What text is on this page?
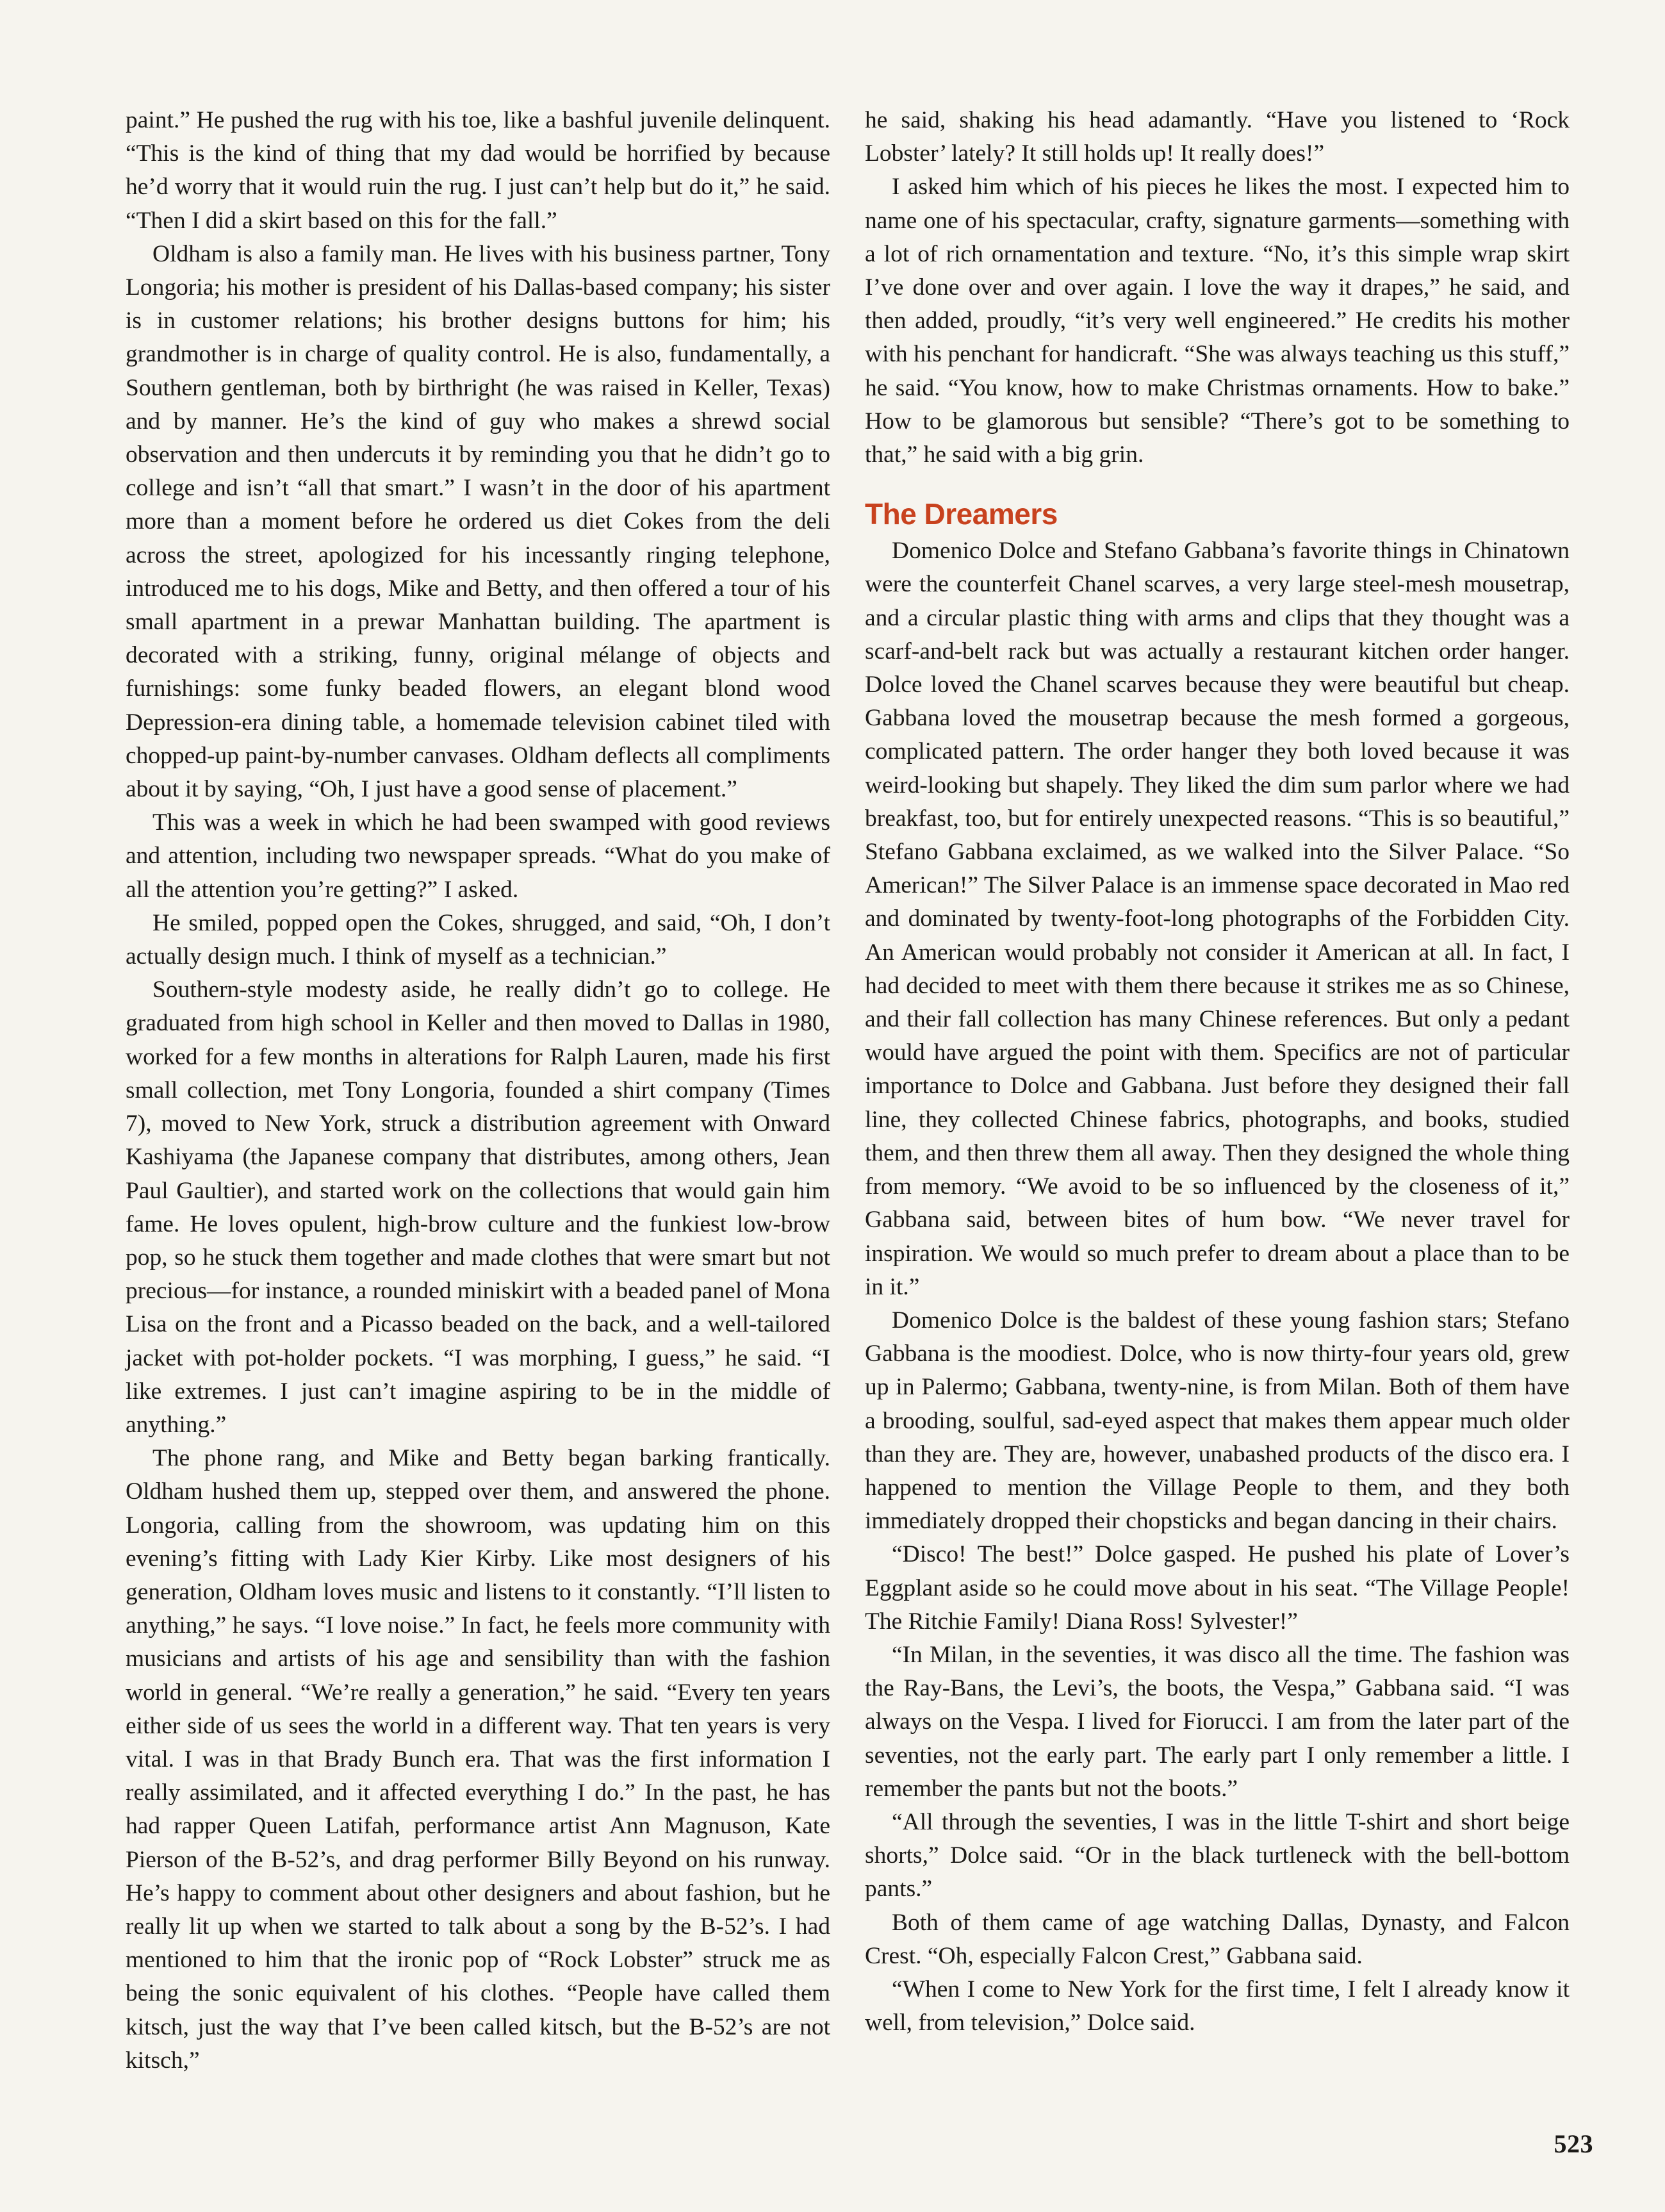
paint.” He pushed the rug with his toe, like a bashful juvenile delinquent. “This is the kind of thing that my dad would be horrified by because he’d worry that it would ruin the rug. I just can’t help but do it,” he said. “Then I did a skirt based on this for the fall.”

Oldham is also a family man. He lives with his business partner, Tony Longoria; his mother is president of his Dallas-based company; his sister is in customer relations; his brother designs buttons for him; his grandmother is in charge of quality control. He is also, fundamentally, a Southern gentleman, both by birthright (he was raised in Keller, Texas) and by manner. He’s the kind of guy who makes a shrewd social observation and then undercuts it by reminding you that he didn’t go to college and isn’t “all that smart.” I wasn’t in the door of his apartment more than a moment before he ordered us diet Cokes from the deli across the street, apologized for his incessantly ringing telephone, introduced me to his dogs, Mike and Betty, and then offered a tour of his small apartment in a prewar Manhattan building. The apartment is decorated with a striking, funny, original mélange of objects and furnishings: some funky beaded flowers, an elegant blond wood Depression-era dining table, a homemade television cabinet tiled with chopped-up paint-by-number canvases. Oldham deflects all compliments about it by saying, “Oh, I just have a good sense of placement.”

This was a week in which he had been swamped with good reviews and attention, including two newspaper spreads. “What do you make of all the attention you’re getting?” I asked.

He smiled, popped open the Cokes, shrugged, and said, “Oh, I don’t actually design much. I think of myself as a technician.”

Southern-style modesty aside, he really didn’t go to college. He graduated from high school in Keller and then moved to Dallas in 1980, worked for a few months in alterations for Ralph Lauren, made his first small collection, met Tony Longoria, founded a shirt company (Times 7), moved to New York, struck a distribution agreement with Onward Kashiyama (the Japanese company that distributes, among others, Jean Paul Gaultier), and started work on the collections that would gain him fame. He loves opulent, high-brow culture and the funkiest low-brow pop, so he stuck them together and made clothes that were smart but not precious—for instance, a rounded miniskirt with a beaded panel of Mona Lisa on the front and a Picasso beaded on the back, and a well-tailored jacket with pot-holder pockets. “I was morphing, I guess,” he said. “I like extremes. I just can’t imagine aspiring to be in the middle of anything.”

The phone rang, and Mike and Betty began barking frantically. Oldham hushed them up, stepped over them, and answered the phone. Longoria, calling from the showroom, was updating him on this evening’s fitting with Lady Kier Kirby. Like most designers of his generation, Oldham loves music and listens to it constantly. “I’ll listen to anything,” he says. “I love noise.” In fact, he feels more community with musicians and artists of his age and sensibility than with the fashion world in general. “We’re really a generation,” he said. “Every ten years either side of us sees the world in a different way. That ten years is very vital. I was in that Brady Bunch era. That was the first information I really assimilated, and it affected everything I do.” In the past, he has had rapper Queen Latifah, performance artist Ann Magnuson, Kate Pierson of the B-52’s, and drag performer Billy Beyond on his runway. He’s happy to comment about other designers and about fashion, but he really lit up when we started to talk about a song by the B-52’s. I had mentioned to him that the ironic pop of “Rock Lobster” struck me as being the sonic equivalent of his clothes. “People have called them kitsch, just the way that I’ve been called kitsch, but the B-52’s are not kitsch,”

he said, shaking his head adamantly. “Have you listened to ‘Rock Lobster’ lately? It still holds up! It really does!”

I asked him which of his pieces he likes the most. I expected him to name one of his spectacular, crafty, signature garments—something with a lot of rich ornamentation and texture. “No, it’s this simple wrap skirt I’ve done over and over again. I love the way it drapes,” he said, and then added, proudly, “it’s very well engineered.” He credits his mother with his penchant for handicraft. “She was always teaching us this stuff,” he said. “You know, how to make Christmas ornaments. How to bake.” How to be glamorous but sensible? “There’s got to be something to that,” he said with a big grin.

The Dreamers

Domenico Dolce and Stefano Gabbana’s favorite things in Chinatown were the counterfeit Chanel scarves, a very large steel-mesh mousetrap, and a circular plastic thing with arms and clips that they thought was a scarf-and-belt rack but was actually a restaurant kitchen order hanger. Dolce loved the Chanel scarves because they were beautiful but cheap. Gabbana loved the mousetrap because the mesh formed a gorgeous, complicated pattern. The order hanger they both loved because it was weird-looking but shapely. They liked the dim sum parlor where we had breakfast, too, but for entirely unexpected reasons. “This is so beautiful,” Stefano Gabbana exclaimed, as we walked into the Silver Palace. “So American!” The Silver Palace is an immense space decorated in Mao red and dominated by twenty-foot-long photographs of the Forbidden City. An American would probably not consider it American at all. In fact, I had decided to meet with them there because it strikes me as so Chinese, and their fall collection has many Chinese references. But only a pedant would have argued the point with them. Specifics are not of particular importance to Dolce and Gabbana. Just before they designed their fall line, they collected Chinese fabrics, photographs, and books, studied them, and then threw them all away. Then they designed the whole thing from memory. “We avoid to be so influenced by the closeness of it,” Gabbana said, between bites of hum bow. “We never travel for inspiration. We would so much prefer to dream about a place than to be in it.”

Domenico Dolce is the baldest of these young fashion stars; Stefano Gabbana is the moodiest. Dolce, who is now thirty-four years old, grew up in Palermo; Gabbana, twenty-nine, is from Milan. Both of them have a brooding, soulful, sad-eyed aspect that makes them appear much older than they are. They are, however, unabashed products of the disco era. I happened to mention the Village People to them, and they both immediately dropped their chopsticks and began dancing in their chairs.

“Disco! The best!” Dolce gasped. He pushed his plate of Lover’s Eggplant aside so he could move about in his seat. “The Village People! The Ritchie Family! Diana Ross! Sylvester!”

“In Milan, in the seventies, it was disco all the time. The fashion was the Ray-Bans, the Levi’s, the boots, the Vespa,” Gabbana said. “I was always on the Vespa. I lived for Fiorucci. I am from the later part of the seventies, not the early part. The early part I only remember a little. I remember the pants but not the boots.”

“All through the seventies, I was in the little T-shirt and short beige shorts,” Dolce said. “Or in the black turtleneck with the bell-bottom pants.”

Both of them came of age watching Dallas, Dynasty, and Falcon Crest. “Oh, especially Falcon Crest,” Gabbana said.

“When I come to New York for the first time, I felt I already know it well, from television,” Dolce said.

523
